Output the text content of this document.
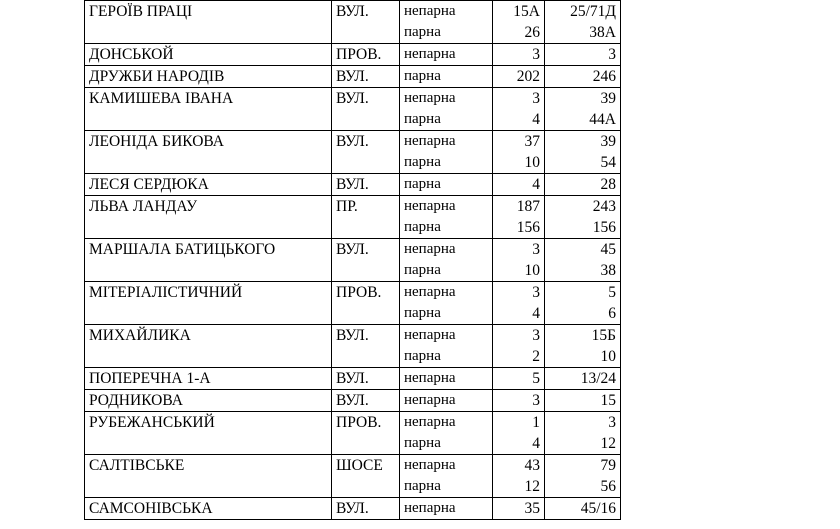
ГЕРОЇВ ПРАЦІ	ВУЛ.	непарна	15А	25/71Д
		парна	26	38А
ДОНСЬКОЙ	ПРОВ.	непарна	3	3
ДРУЖБИ НАРОДІВ	ВУЛ.	парна	202	246
КАМИШЕВА ІВАНА	ВУЛ.	непарна	3	39
		парна	4	44А
ЛЕОНІДА БИКОВА	ВУЛ.	непарна	37	39
		парна	10	54
ЛЕСЯ СЕРДЮКА	ВУЛ.	парна	4	28
ЛЬВА ЛАНДАУ	ПР.	непарна	187	243
		парна	156	156
МАРШАЛА БАТИЦЬКОГО	ВУЛ.	непарна	3	45
		парна	10	38
МІТЕРІАЛІСТИЧНИЙ	ПРОВ.	непарна	3	5
		парна	4	6
МИХАЙЛИКА	ВУЛ.	непарна	3	15Б
		парна	2	10
ПОПЕРЕЧНА 1-А	ВУЛ.	непарна	5	13/24
РОДНИКОВА	ВУЛ.	непарна	3	15
РУБЕЖАНСЬКИЙ	ПРОВ.	непарна	1	3
		парна	4	12
САЛТІВСЬКЕ	ШОСЕ	непарна	43	79
		парна	12	56
САМСОНІВСЬКА	ВУЛ.	непарна	35	45/16
